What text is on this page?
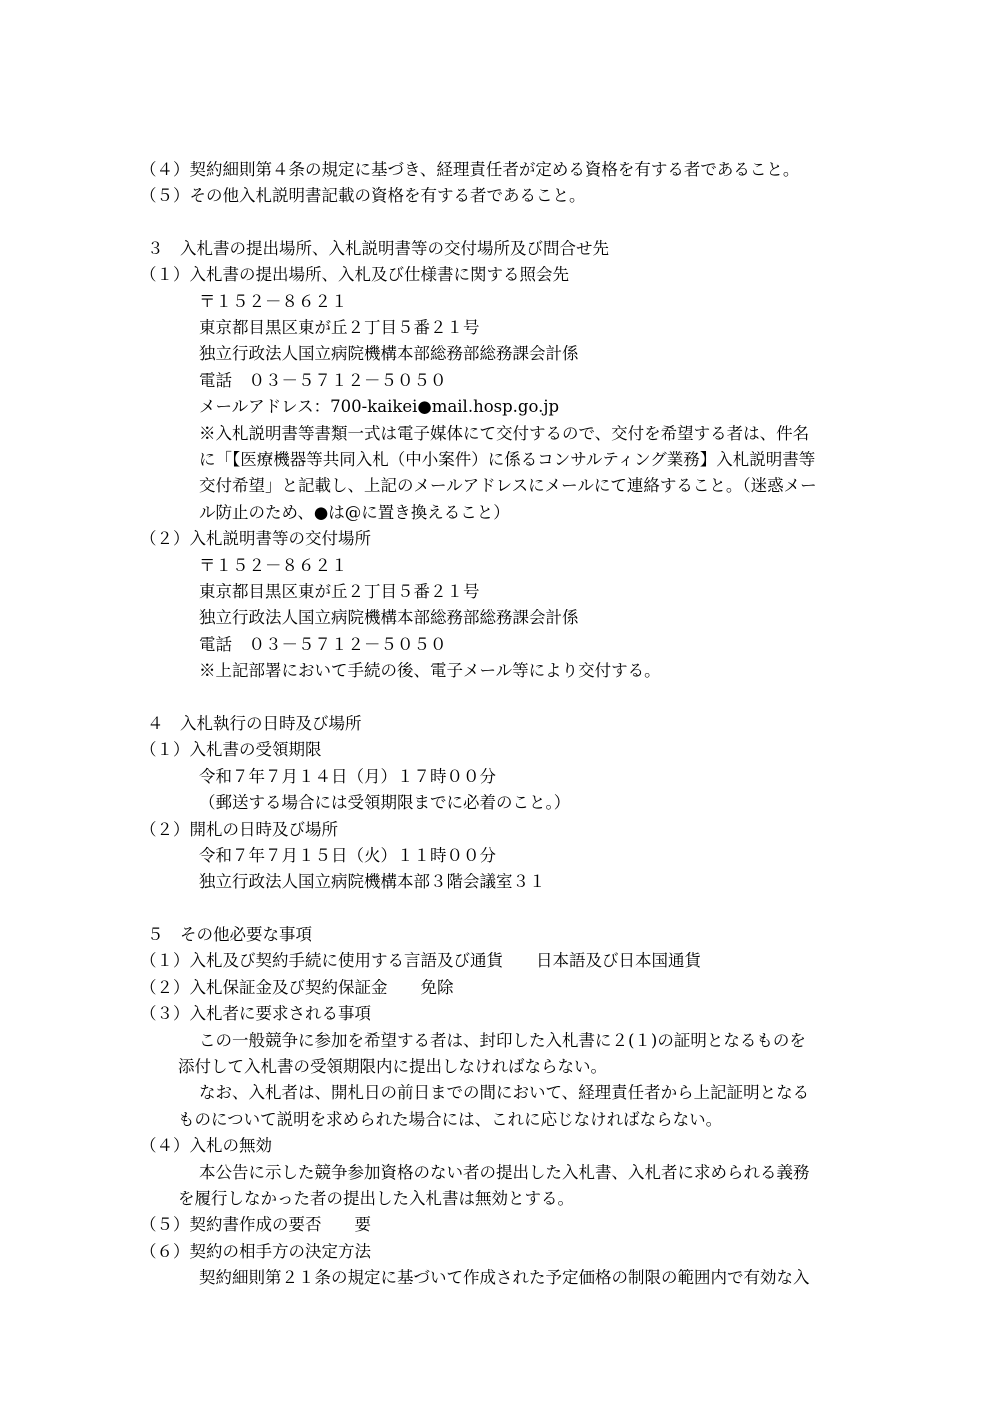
（４）契約細則第４条の規定に基づき、経理責任者が定める資格を有する者であること。
（５）その他入札説明書記載の資格を有する者であること。
３　入札書の提出場所、入札説明書等の交付場所及び問合せ先
（１）入札書の提出場所、入札及び仕様書に関する照会先
〒１５２－８６２１
東京都目黒区東が丘２丁目５番２１号
独立行政法人国立病院機構本部総務部総務課会計係
電話　０３－５７１２－５０５０
メールアドレス：700-kaikei●mail.hosp.go.jp
※入札説明書等書類一式は電子媒体にて交付するので、交付を希望する者は、件名
に「【医療機器等共同入札（中小案件）に係るコンサルティング業務】入札説明書等
交付希望」と記載し、上記のメールアドレスにメールにて連絡すること。（迷惑メー
ル防止のため、●は@に置き換えること）
（２）入札説明書等の交付場所
〒１５２－８６２１
東京都目黒区東が丘２丁目５番２１号
独立行政法人国立病院機構本部総務部総務課会計係
電話　０３－５７１２－５０５０
※上記部署において手続の後、電子メール等により交付する。
４　入札執行の日時及び場所
（１）入札書の受領期限
令和７年７月１４日（月）１７時００分
（郵送する場合には受領期限までに必着のこと。）
（２）開札の日時及び場所
令和７年７月１５日（火）１１時００分
独立行政法人国立病院機構本部３階会議室３１
５　その他必要な事項
（１）入札及び契約手続に使用する言語及び通貨　　日本語及び日本国通貨
（２）入札保証金及び契約保証金　　免除
（３）入札者に要求される事項
この一般競争に参加を希望する者は、封印した入札書に２(１)の証明となるものを
添付して入札書の受領期限内に提出しなければならない。
なお、入札者は、開札日の前日までの間において、経理責任者から上記証明となる
ものについて説明を求められた場合には、これに応じなければならない。
（４）入札の無効
本公告に示した競争参加資格のない者の提出した入札書、入札者に求められる義務
を履行しなかった者の提出した入札書は無効とする。
（５）契約書作成の要否　　要
（６）契約の相手方の決定方法
契約細則第２１条の規定に基づいて作成された予定価格の制限の範囲内で有効な入
